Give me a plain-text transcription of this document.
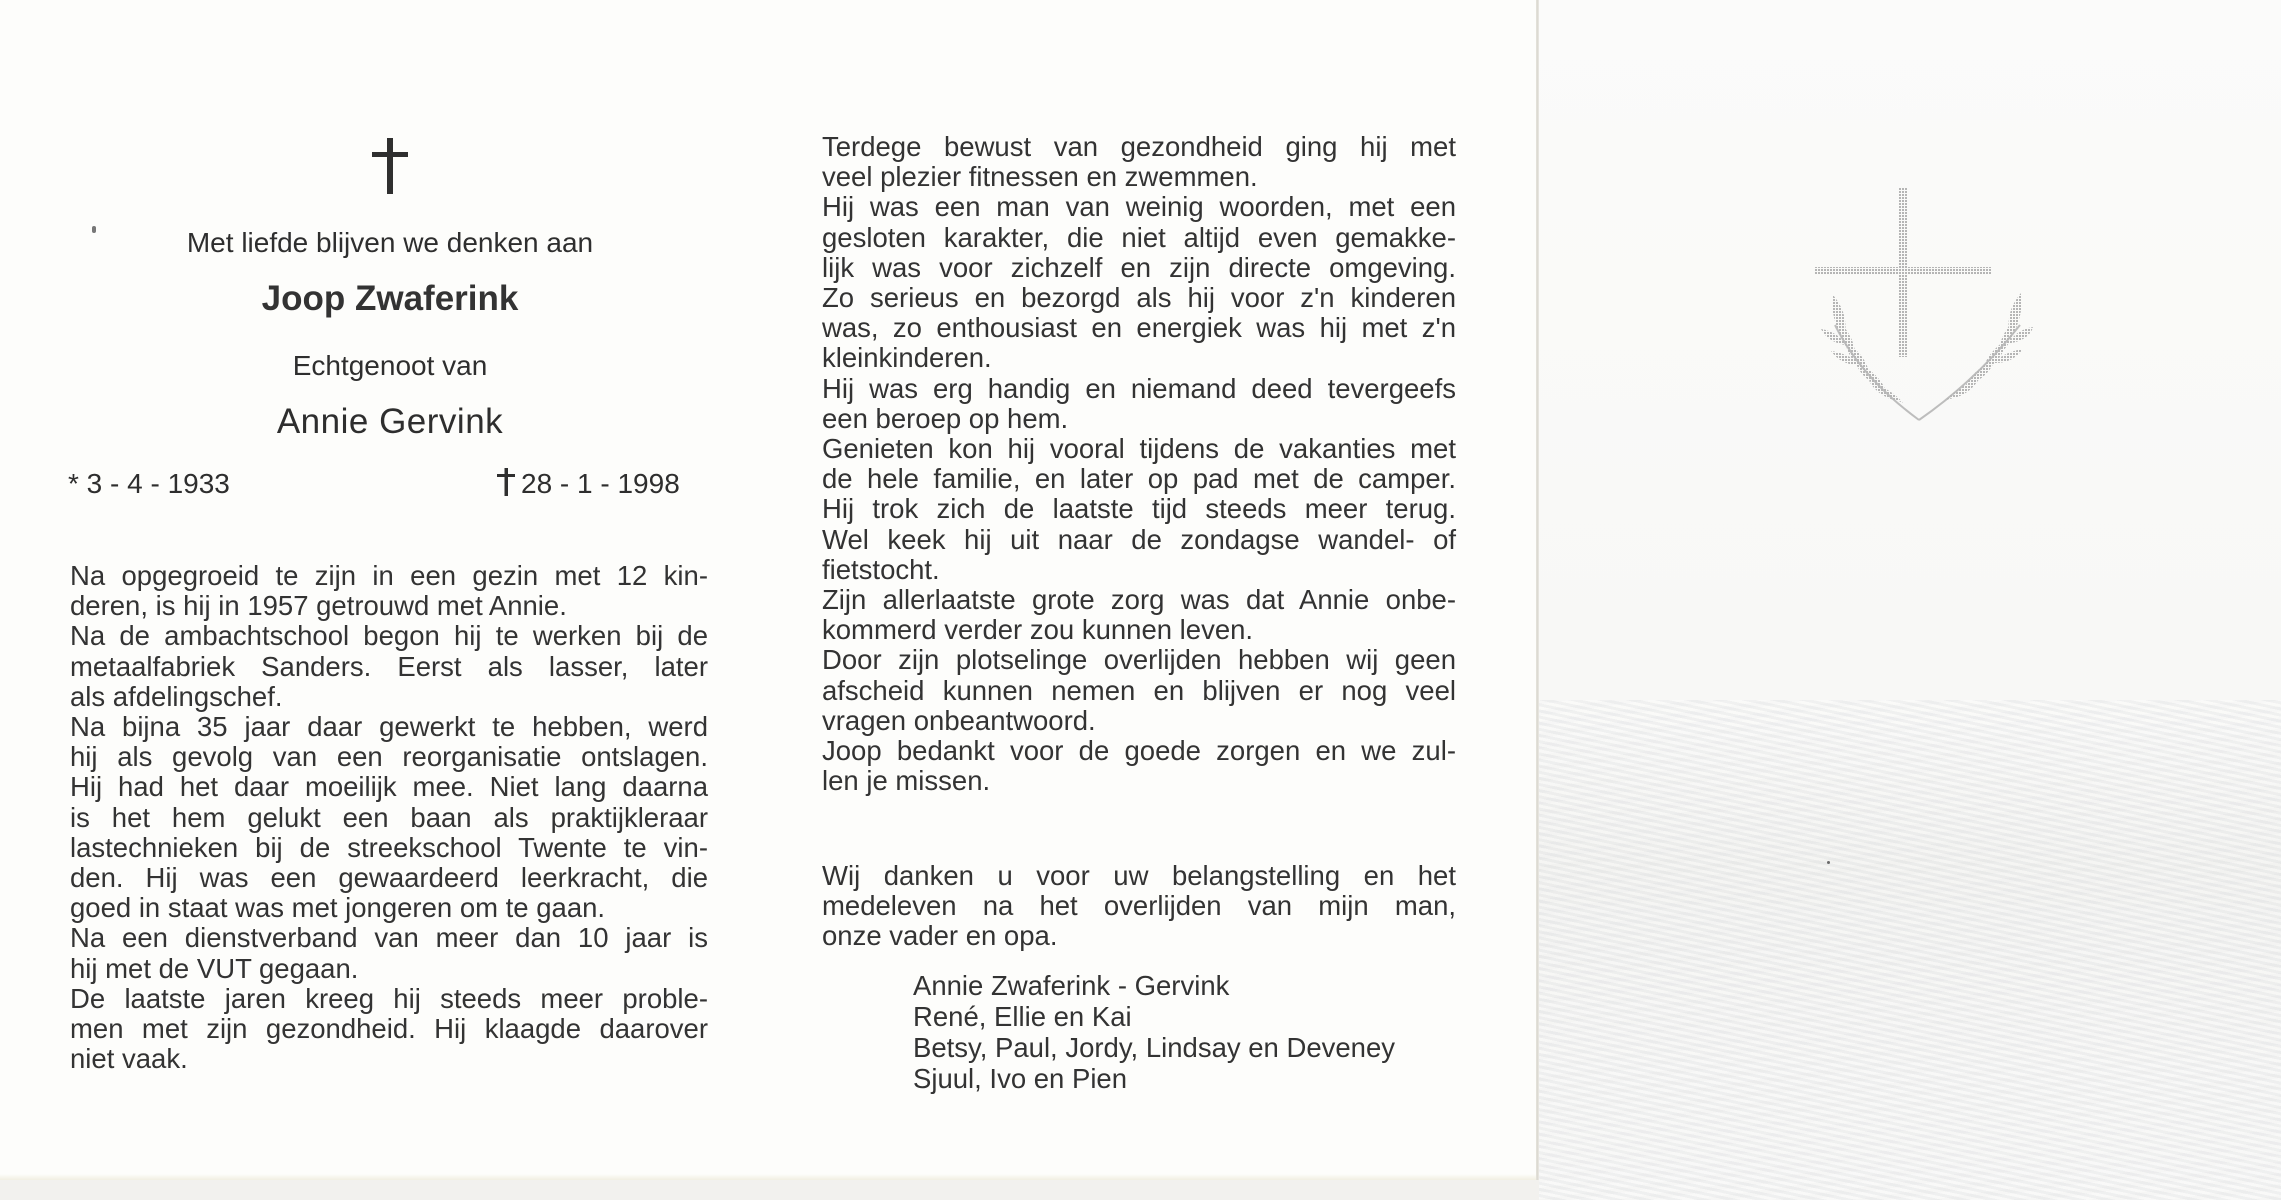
Met liefde blijven we denken aan
Joop Zwaferink
Echtgenoot van
Annie Gervink
* 3 - 4 - 1933	28 - 1 - 1998
Na opgegroeid te zijn in een gezin met 12 kin-
deren, is hij in 1957 getrouwd met Annie.
Na de ambachtschool begon hij te werken bij de
metaalfabriek Sanders. Eerst als lasser, later
als afdelingschef.
Na bijna 35 jaar daar gewerkt te hebben, werd
hij als gevolg van een reorganisatie ontslagen.
Hij had het daar moeilijk mee. Niet lang daarna
is het hem gelukt een baan als praktijkleraar
lastechnieken bij de streekschool Twente te vin-
den. Hij was een gewaardeerd leerkracht, die
goed in staat was met jongeren om te gaan.
Na een dienstverband van meer dan 10 jaar is
hij met de VUT gegaan.
De laatste jaren kreeg hij steeds meer proble-
men met zijn gezondheid. Hij klaagde daarover
niet vaak.
Terdege bewust van gezondheid ging hij met
veel plezier fitnessen en zwemmen.
Hij was een man van weinig woorden, met een
gesloten karakter, die niet altijd even gemakke-
lijk was voor zichzelf en zijn directe omgeving.
Zo serieus en bezorgd als hij voor z'n kinderen
was, zo enthousiast en energiek was hij met z'n
kleinkinderen.
Hij was erg handig en niemand deed tevergeefs
een beroep op hem.
Genieten kon hij vooral tijdens de vakanties met
de hele familie, en later op pad met de camper.
Hij trok zich de laatste tijd steeds meer terug.
Wel keek hij uit naar de zondagse wandel- of
fietstocht.
Zijn allerlaatste grote zorg was dat Annie onbe-
kommerd verder zou kunnen leven.
Door zijn plotselinge overlijden hebben wij geen
afscheid kunnen nemen en blijven er nog veel
vragen onbeantwoord.
Joop bedankt voor de goede zorgen en we zul-
len je missen.
Wij danken u voor uw belangstelling en het
medeleven na het overlijden van mijn man,
onze vader en opa.
Annie Zwaferink - Gervink
René, Ellie en Kai
Betsy, Paul, Jordy, Lindsay en Deveney
Sjuul, Ivo en Pien
